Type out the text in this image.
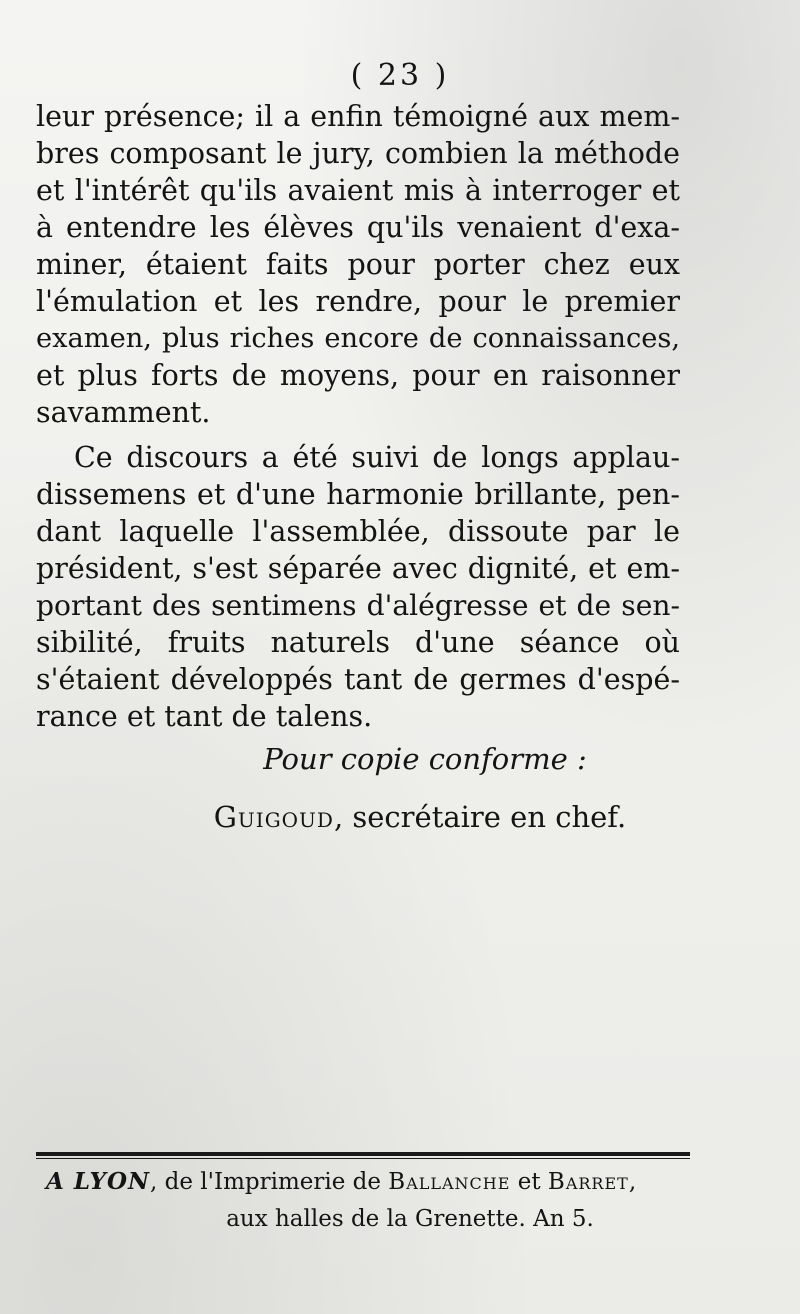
( 23 )
leur présence; il a enfin témoigné aux mem-
bres composant le jury, combien la méthode
et l'intérêt qu'ils avaient mis à interroger et
à entendre les élèves qu'ils venaient d'exa-
miner, étaient faits pour porter chez eux
l'émulation et les rendre, pour le premier
examen, plus riches encore de connaissances,
et plus forts de moyens, pour en raisonner
savamment.
Ce discours a été suivi de longs applau-
dissemens et d'une harmonie brillante, pen-
dant laquelle l'assemblée, dissoute par le
président, s'est séparée avec dignité, et em-
portant des sentimens d'alégresse et de sen-
sibilité, fruits naturels d'une séance où
s'étaient développés tant de germes d'espé-
rance et tant de talens.
Pour copie conforme :
Guigoud, secrétaire en chef.
A LYON, de l'Imprimerie de Ballanche et Barret,
aux halles de la Grenette. An 5.
